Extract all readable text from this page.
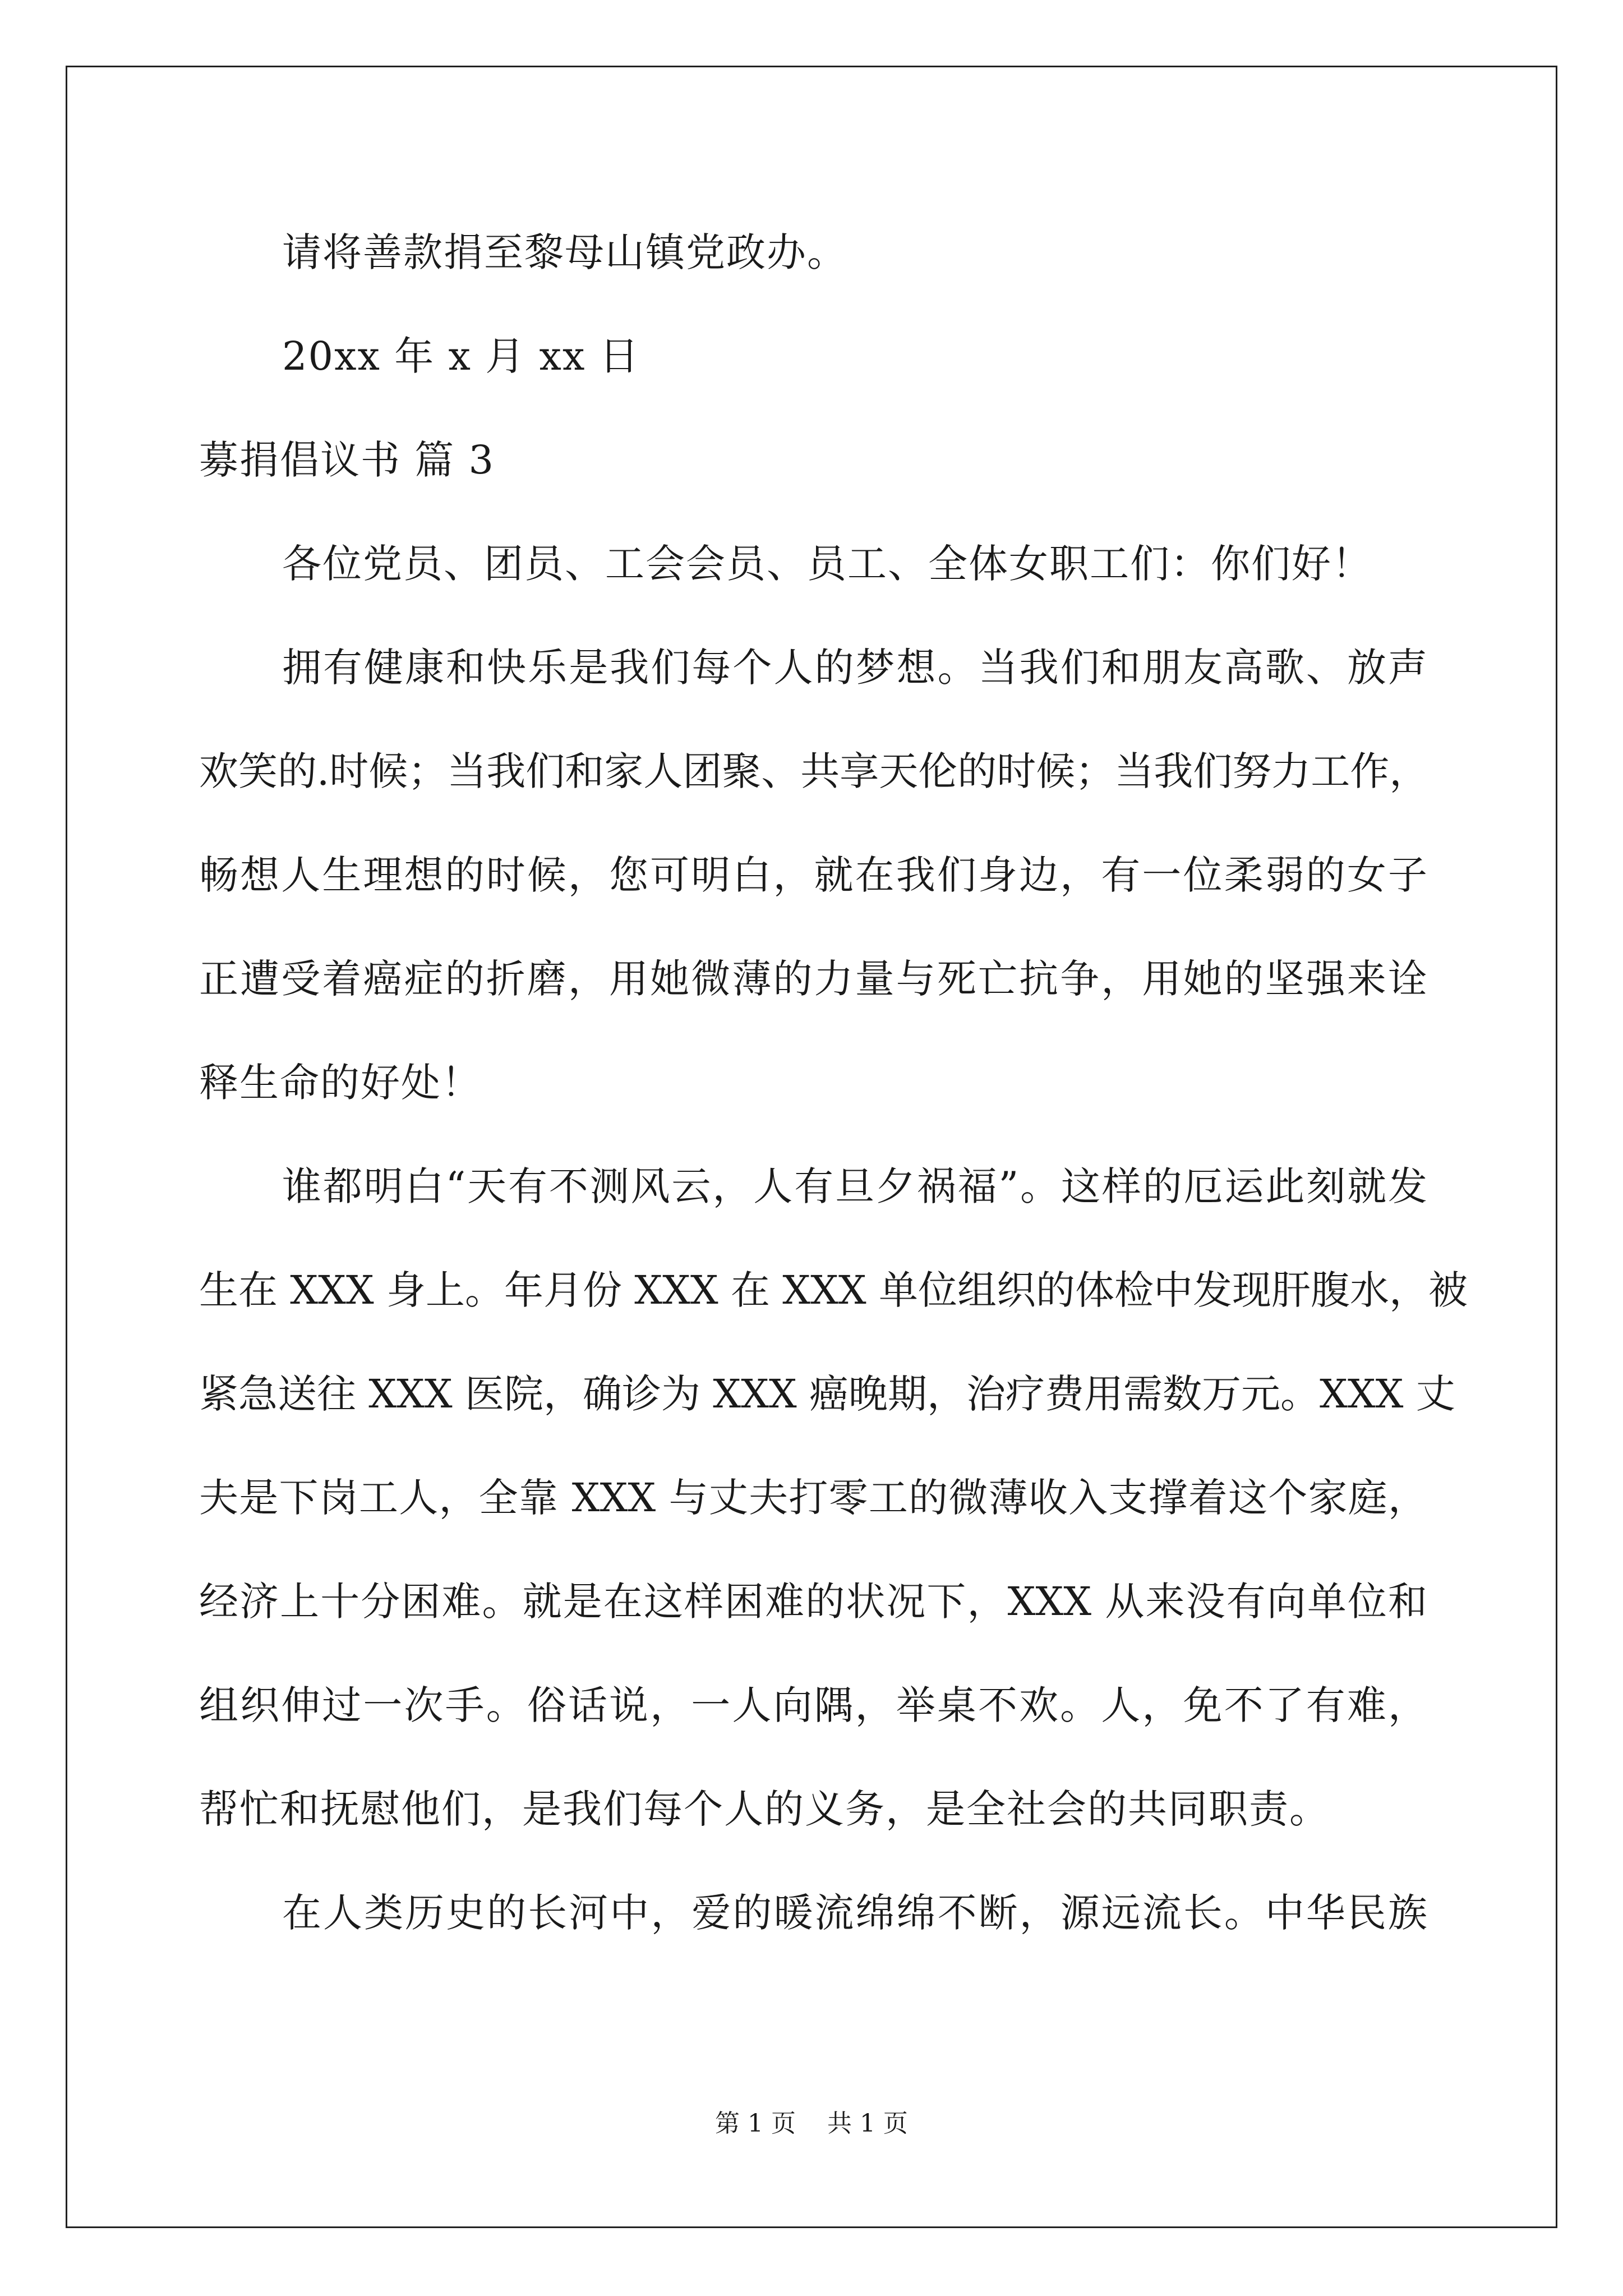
请将善款捐至黎母山镇党政办。
20xx 年 x 月 xx 日
募捐倡议书 篇 3
各位党员、团员、工会会员、员工、全体女职工们：你们好！
拥有健康和快乐是我们每个人的梦想。当我们和朋友高歌、放声
欢笑的.时候；当我们和家人团聚、共享天伦的时候；当我们努力工作，
畅想人生理想的时候，您可明白，就在我们身边，有一位柔弱的女子
正遭受着癌症的折磨，用她微薄的力量与死亡抗争，用她的坚强来诠
释生命的好处！
谁都明白“天有不测风云，人有旦夕祸福”。这样的厄运此刻就发
生在 XXX 身上。年月份 XXX 在 XXX 单位组织的体检中发现肝腹水，被
紧急送往 XXX 医院，确诊为 XXX 癌晚期，治疗费用需数万元。XXX 丈
夫是下岗工人，全靠 XXX 与丈夫打零工的微薄收入支撑着这个家庭，
经济上十分困难。就是在这样困难的状况下，XXX 从来没有向单位和
组织伸过一次手。俗话说，一人向隅，举桌不欢。人，免不了有难，
帮忙和抚慰他们，是我们每个人的义务，是全社会的共同职责。
在人类历史的长河中，爱的暖流绵绵不断，源远流长。中华民族
第 1 页    共 1 页
